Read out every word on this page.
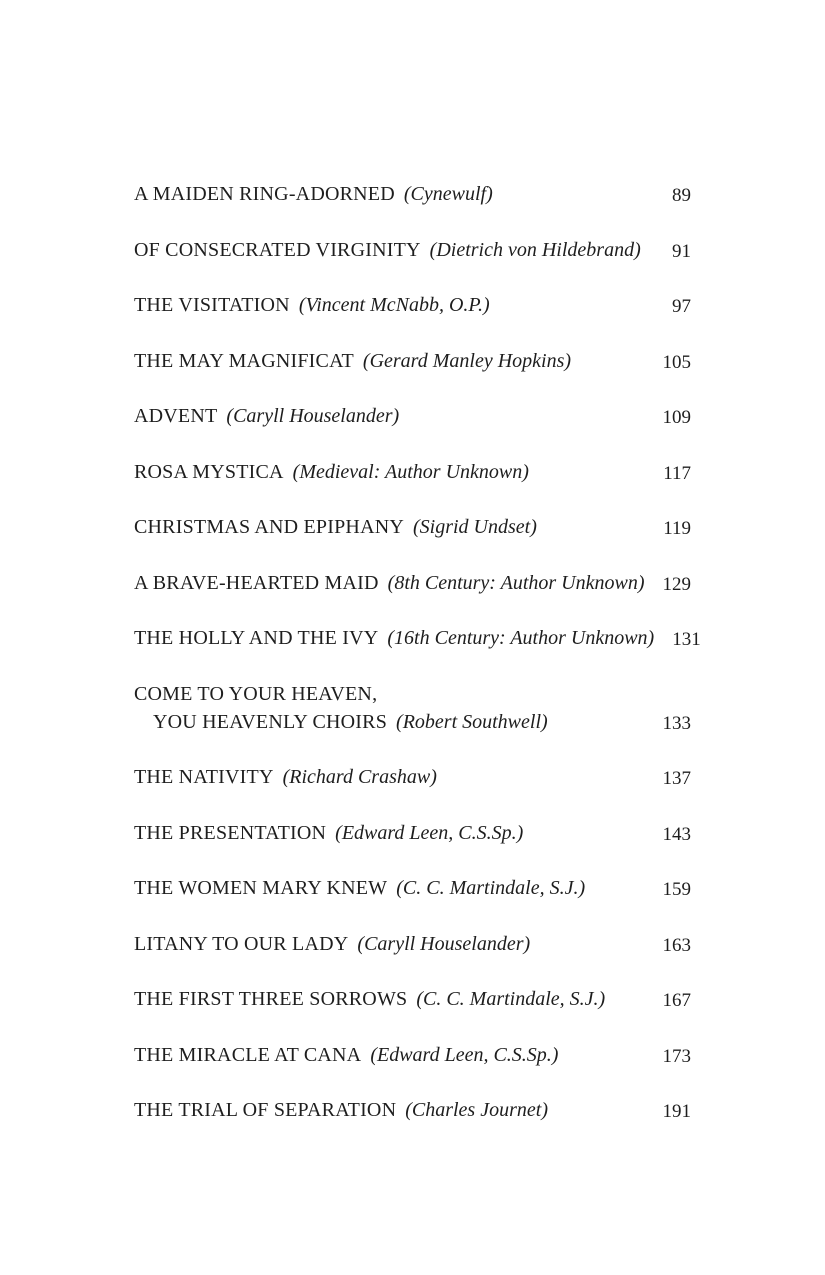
A MAIDEN RING-ADORNED (Cynewulf)	89
OF CONSECRATED VIRGINITY (Dietrich von Hildebrand)	91
THE VISITATION (Vincent McNabb, O.P.)	97
THE MAY MAGNIFICAT (Gerard Manley Hopkins)	105
ADVENT (Caryll Houselander)	109
ROSA MYSTICA (Medieval: Author Unknown)	117
CHRISTMAS AND EPIPHANY (Sigrid Undset)	119
A BRAVE-HEARTED MAID (8th Century: Author Unknown) 129
THE HOLLY AND THE IVY (16th Century: Author Unknown) 131
COME TO YOUR HEAVEN,
YOU HEAVENLY CHOIRS (Robert Southwell)	133
THE NATIVITY (Richard Crashaw)	137
THE PRESENTATION (Edward Leen, C.S.Sp.)	143
THE WOMEN MARY KNEW (C. C. Martindale, S.J.)	159
LITANY TO OUR LADY (Caryll Houselander)	163
THE FIRST THREE SORROWS (C. C. Martindale, S.J.)	167
THE MIRACLE AT CANA (Edward Leen, C.S.Sp.)	173
THE TRIAL OF SEPARATION (Charles Journet)	191
